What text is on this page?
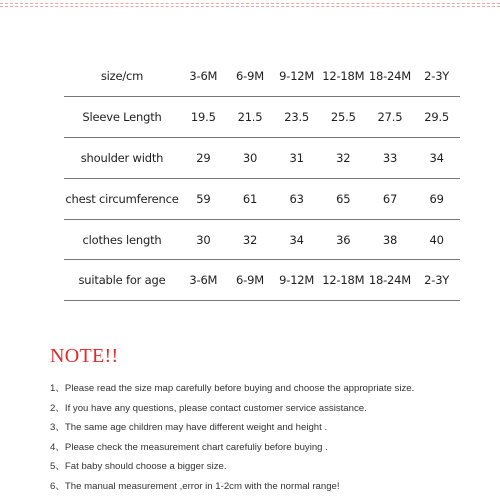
size/cm	3-6M	6-9M	9-12M	12-18M	18-24M	2-3Y
Sleeve Length	19.5	21.5	23.5	25.5	27.5	29.5
shoulder width	29	30	31	32	33	34
chest circumference	59	61	63	65	67	69
clothes length	30	32	34	36	38	40
suitable for age	3-6M	6-9M	9-12M	12-18M	18-24M	2-3Y
NOTE!!
1、Please read the size map carefully before buying and choose the appropriate size.
2、If you have any questions, please contact customer service assistance.
3、The same age children may have different weight and height .
4、Please check the measurement chart carefuliy before buying .
5、Fat baby should choose a bigger size.
6、The manual measurement ,error in 1-2cm with the normal range!
